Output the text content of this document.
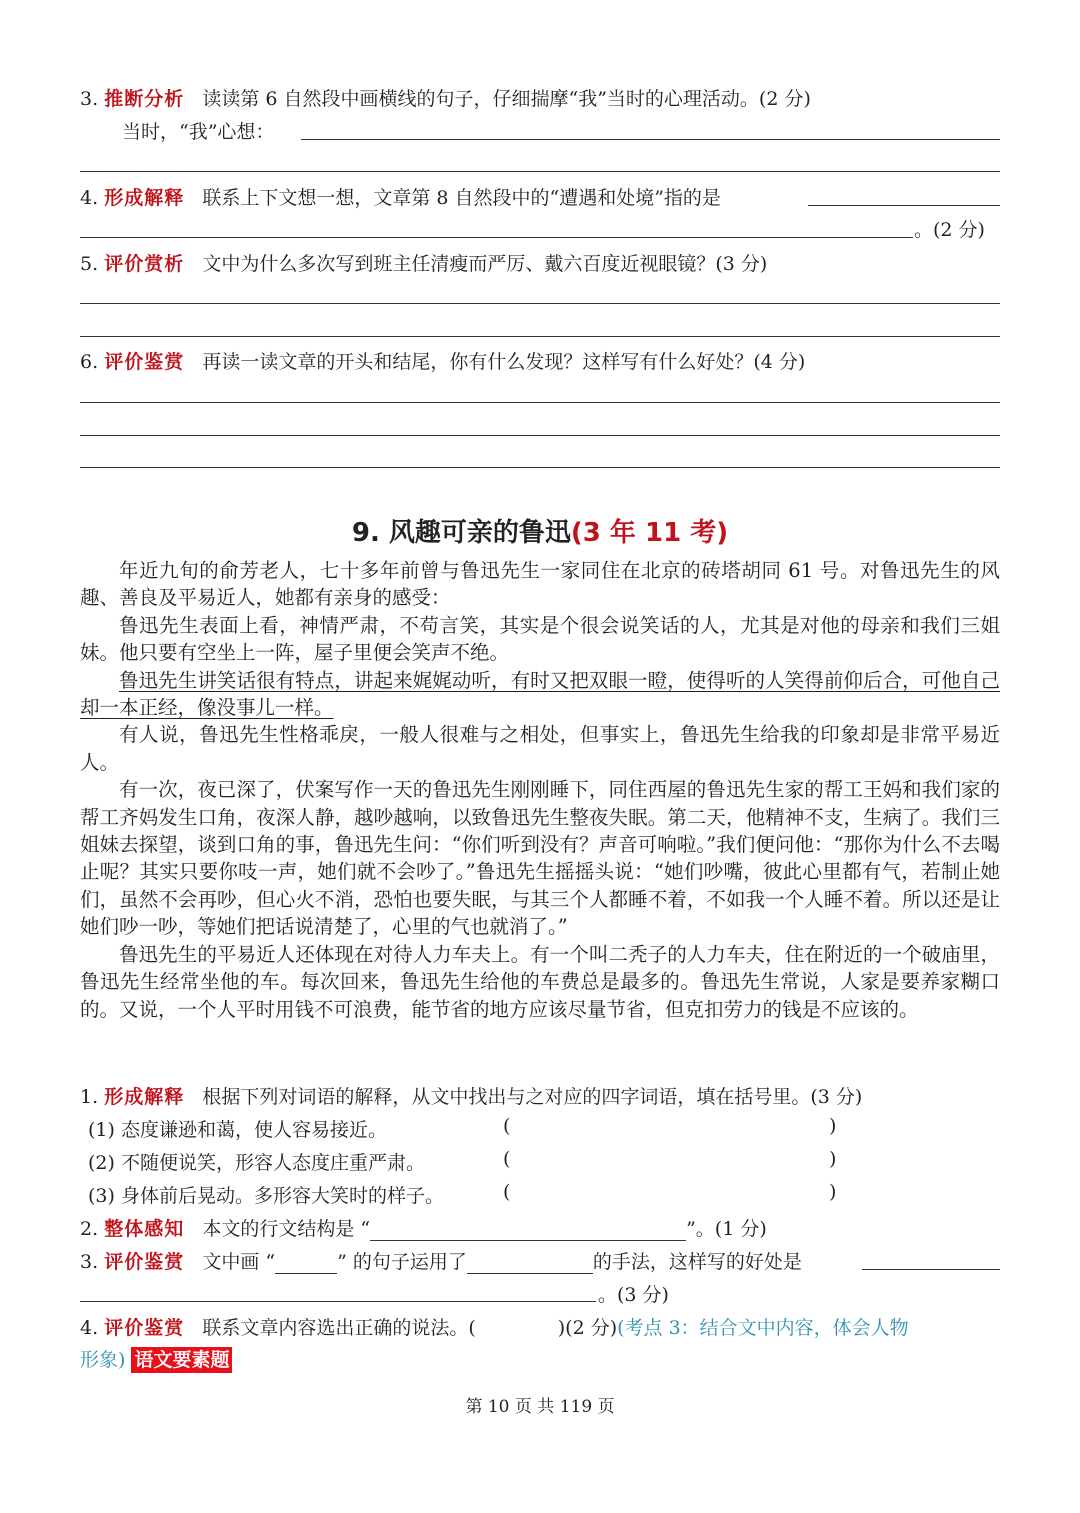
3. 推断分析 读读第 6 自然段中画横线的句子，仔细揣摩“我”当时的心理活动。(2 分)
当时，“我”心想：
4. 形成解释 联系上下文想一想，文章第 8 自然段中的“遭遇和处境”指的是
。(2 分)
5. 评价赏析 文中为什么多次写到班主任清瘦而严厉、戴六百度近视眼镜？(3 分)
6. 评价鉴赏 再读一读文章的开头和结尾，你有什么发现？这样写有什么好处？(4 分)
9. 风趣可亲的鲁迅(3 年 11 考)

年近九旬的俞芳老人，七十多年前曾与鲁迅先生一家同住在北京的砖塔胡同 61 号。对鲁迅先生的风趣、善良及平易近人，她都有亲身的感受：

鲁迅先生表面上看，神情严肃，不苟言笑，其实是个很会说笑话的人，尤其是对他的母亲和我们三姐妹。他只要有空坐上一阵，屋子里便会笑声不绝。

鲁迅先生讲笑话很有特点，讲起来娓娓动听，有时又把双眼一瞪，使得听的人笑得前仰后合，可他自己却一本正经，像没事儿一样。

有人说，鲁迅先生性格乖戾，一般人很难与之相处，但事实上，鲁迅先生给我的印象却是非常平易近人。

有一次，夜已深了，伏案写作一天的鲁迅先生刚刚睡下，同住西屋的鲁迅先生家的帮工王妈和我们家的帮工齐妈发生口角，夜深人静，越吵越响，以致鲁迅先生整夜失眠。第二天，他精神不支，生病了。我们三姐妹去探望，谈到口角的事，鲁迅先生问：“你们听到没有？声音可响啦。”我们便问他：“那你为什么不去喝止呢？其实只要你吱一声，她们就不会吵了。”鲁迅先生摇摇头说：“她们吵嘴，彼此心里都有气，若制止她们，虽然不会再吵，但心火不消，恐怕也要失眠，与其三个人都睡不着，不如我一个人睡不着。所以还是让她们吵一吵，等她们把话说清楚了，心里的气也就消了。”

鲁迅先生的平易近人还体现在对待人力车夫上。有一个叫二秃子的人力车夫，住在附近的一个破庙里，鲁迅先生经常坐他的车。每次回来，鲁迅先生给他的车费总是最多的。鲁迅先生常说，人家是要养家糊口的。又说，一个人平时用钱不可浪费，能节省的地方应该尽量节省，但克扣劳力的钱是不应该的。

1. 形成解释 根据下列对词语的解释，从文中找出与之对应的四字词语，填在括号里。(3 分)
(1) 态度谦逊和蔼，使人容易接近。	(	)
(2) 不随便说笑，形容人态度庄重严肃。	(	)
(3) 身体前后晃动。多形容大笑时的样子。	(	)
2. 整体感知 本文的行文结构是 “	”。(1 分)
3. 评价鉴赏 文中画 “	” 的句子运用了	的手法，这样写的好处是
。(3 分)
4. 评价鉴赏 联系文章内容选出正确的说法。(	)(2 分)(考点 3：结合文中内容，体会人物
形象) 语文要素题
第 10 页 共 119 页
